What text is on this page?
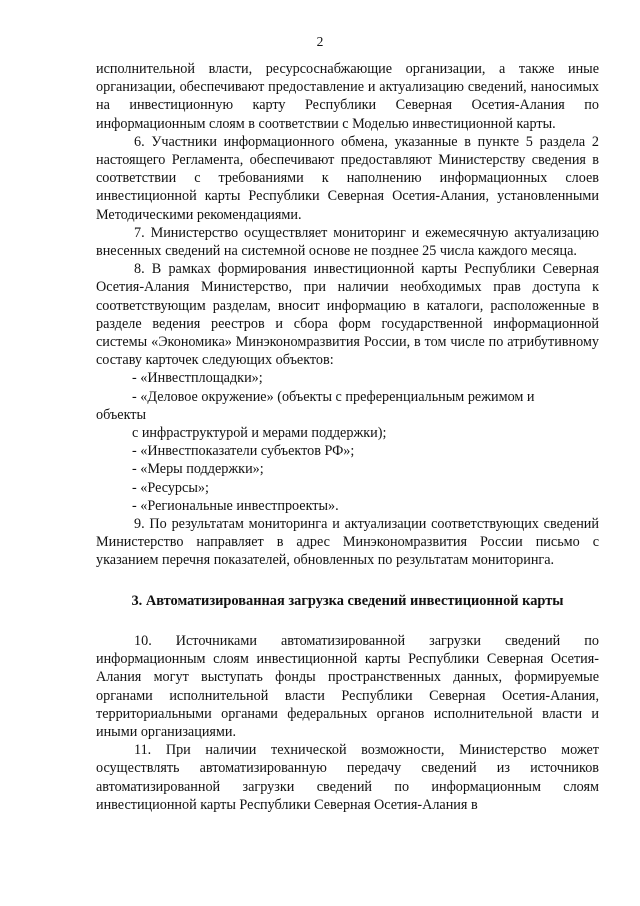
2

исполнительной власти, ресурсоснабжающие организации, а также иные организации, обеспечивают предоставление и актуализацию сведений, наносимых на инвестиционную карту Республики Северная Осетия-Алания по информационным слоям в соответствии с Моделью инвестиционной карты.

6. Участники информационного обмена, указанные в пункте 5 раздела 2 настоящего Регламента, обеспечивают предоставляют Министерству сведения в соответствии с требованиями к наполнению информационных слоев инвестиционной карты Республики Северная Осетия-Алания, установленными Методическими рекомендациями.

7. Министерство осуществляет мониторинг и ежемесячную актуализацию внесенных сведений на системной основе не позднее 25 числа каждого месяца.

8. В рамках формирования инвестиционной карты Республики Северная Осетия-Алания Министерство, при наличии необходимых прав доступа к соответствующим разделам, вносит информацию в каталоги, расположенные в разделе ведения реестров и сбора форм государственной информационной системы «Экономика» Минэкономразвития России, в том числе по атрибутивному составу карточек следующих объектов:

- «Инвестплощадки»;

- «Деловое окружение» (объекты с преференциальным режимом и

объекты

с инфраструктурой и мерами поддержки);

- «Инвестпоказатели субъектов РФ»;

- «Меры поддержки»;

- «Ресурсы»;

- «Региональные инвестпроекты».

9. По результатам мониторинга и актуализации соответствующих сведений Министерство направляет в адрес Минэкономразвития России письмо с указанием перечня показателей, обновленных по результатам мониторинга.

3. Автоматизированная загрузка сведений инвестиционной карты

10. Источниками автоматизированной загрузки сведений по информационным слоям инвестиционной карты Республики Северная Осетия-Алания могут выступать фонды пространственных данных, формируемые органами исполнительной власти Республики Северная Осетия-Алания, территориальными органами федеральных органов исполнительной власти и иными организациями.

11. При наличии технической возможности, Министерство может осуществлять автоматизированную передачу сведений из источников автоматизированной загрузки сведений по информационным слоям инвестиционной карты Республики Северная Осетия-Алания в
